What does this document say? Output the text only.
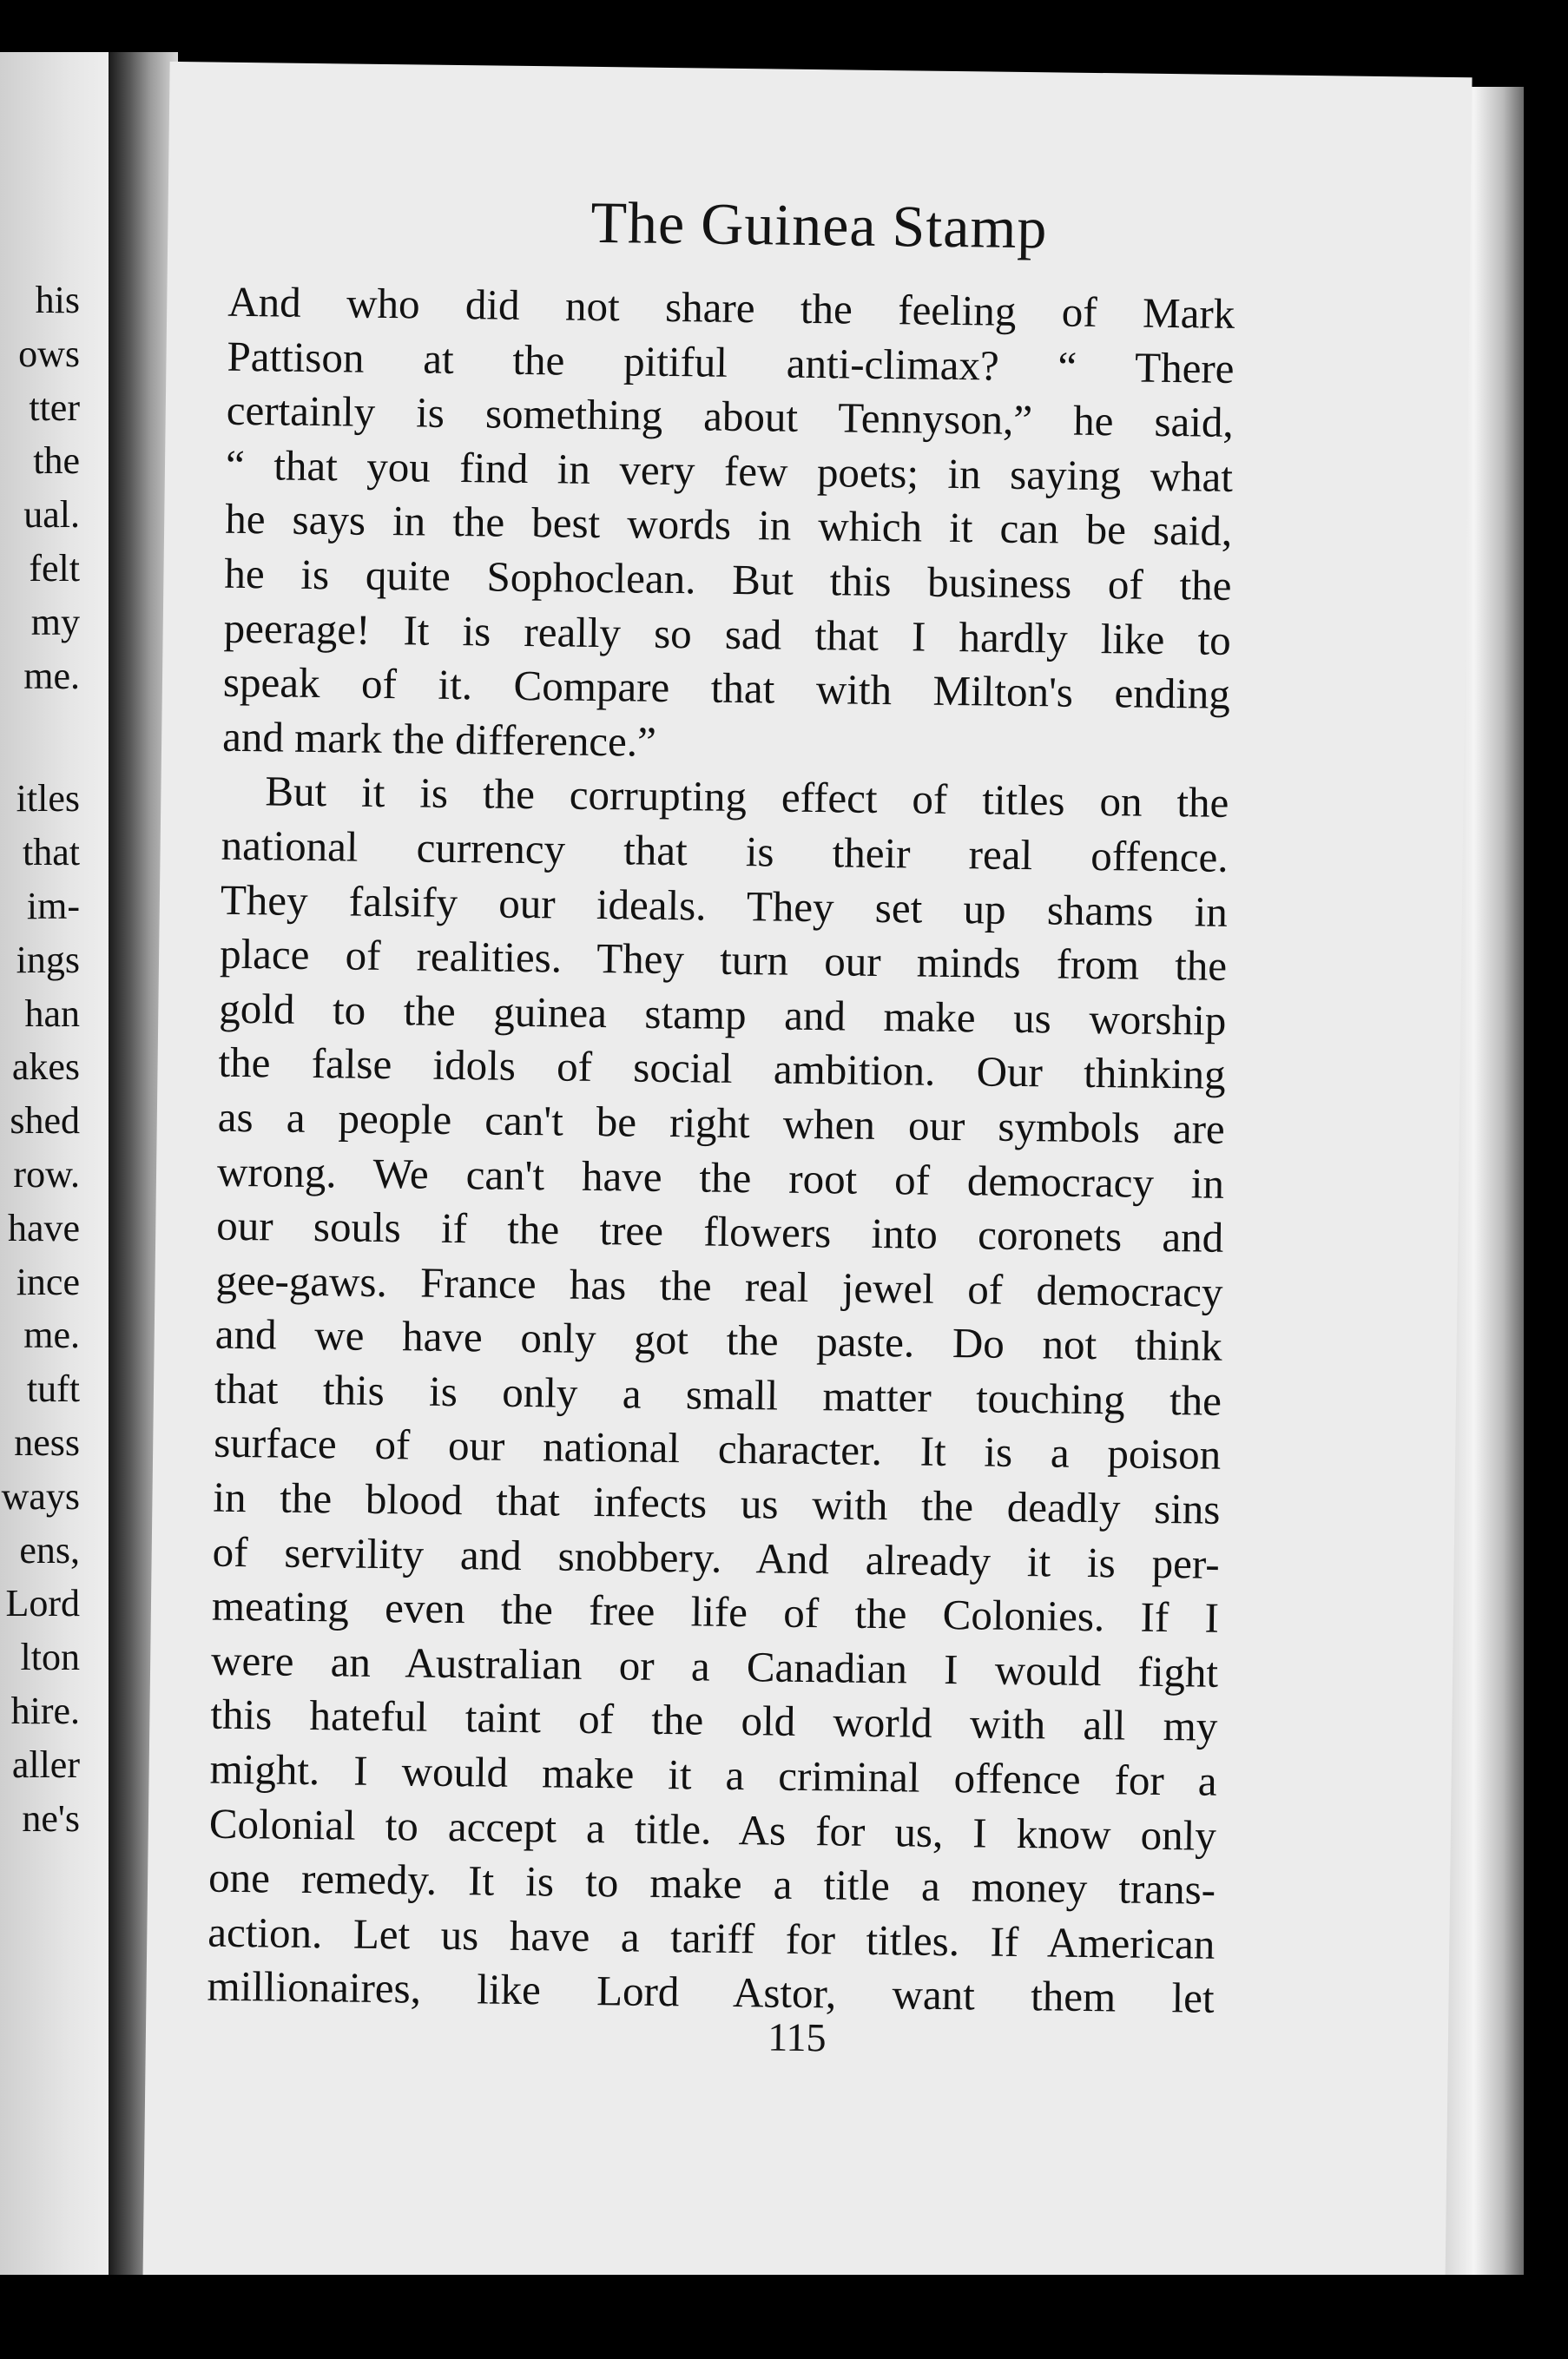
his
ows
tter
the
ual.
felt
my
me.
itles
that
im-
ings
han
akes
shed
row.
have
ince
me.
tuft
ness
ways
ens,
Lord
lton
hire.
aller
ne's
The Guinea Stamp
And who did not share the feeling of Mark
Pattison at the pitiful anti-climax? “ There
certainly is something about Tennyson,” he said,
“ that you find in very few poets; in saying what
he says in the best words in which it can be said,
he is quite Sophoclean. But this business of the
peerage! It is really so sad that I hardly like to
speak of it. Compare that with Milton's ending
and mark the difference.”
But it is the corrupting effect of titles on the
national currency that is their real offence.
They falsify our ideals. They set up shams in
place of realities. They turn our minds from the
gold to the guinea stamp and make us worship
the false idols of social ambition. Our thinking
as a people can't be right when our symbols are
wrong. We can't have the root of democracy in
our souls if the tree flowers into coronets and
gee-gaws. France has the real jewel of democracy
and we have only got the paste. Do not think
that this is only a small matter touching the
surface of our national character. It is a poison
in the blood that infects us with the deadly sins
of servility and snobbery. And already it is per-
meating even the free life of the Colonies. If I
were an Australian or a Canadian I would fight
this hateful taint of the old world with all my
might. I would make it a criminal offence for a
Colonial to accept a title. As for us, I know only
one remedy. It is to make a title a money trans-
action. Let us have a tariff for titles. If American
millionaires, like Lord Astor, want them let
115
